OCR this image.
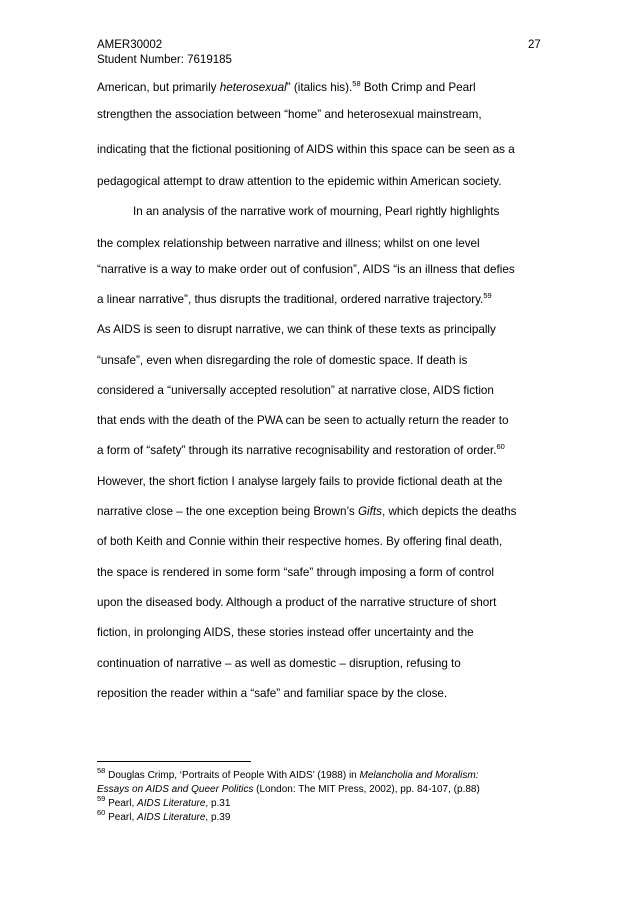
AMER30002	27
Student Number: 7619185
American, but primarily heterosexual” (italics his).$^{58}$ Both Crimp and Pearl
strengthen the association between “home” and heterosexual mainstream,
indicating that the fictional positioning of AIDS within this space can be seen as a
pedagogical attempt to draw attention to the epidemic within American society.
In an analysis of the narrative work of mourning, Pearl rightly highlights
the complex relationship between narrative and illness; whilst on one level
“narrative is a way to make order out of confusion”, AIDS “is an illness that defies
a linear narrative”, thus disrupts the traditional, ordered narrative trajectory.$^{59}$
As AIDS is seen to disrupt narrative, we can think of these texts as principally
“unsafe”, even when disregarding the role of domestic space. If death is
considered a “universally accepted resolution” at narrative close, AIDS fiction
that ends with the death of the PWA can be seen to actually return the reader to
a form of “safety” through its narrative recognisability and restoration of order.$^{60}$
However, the short fiction I analyse largely fails to provide fictional death at the
narrative close – the one exception being Brown’s Gifts, which depicts the deaths
of both Keith and Connie within their respective homes. By offering final death,
the space is rendered in some form “safe” through imposing a form of control
upon the diseased body. Although a product of the narrative structure of short
fiction, in prolonging AIDS, these stories instead offer uncertainty and the
continuation of narrative – as well as domestic – disruption, refusing to
reposition the reader within a “safe” and familiar space by the close.
$^{58}$ Douglas Crimp, ‘Portraits of People With AIDS’ (1988) in Melancholia and Moralism:
Essays on AIDS and Queer Politics (London: The MIT Press, 2002), pp. 84-107, (p.88)
$^{59}$ Pearl, AIDS Literature, p.31
$^{60}$ Pearl, AIDS Literature, p.39
